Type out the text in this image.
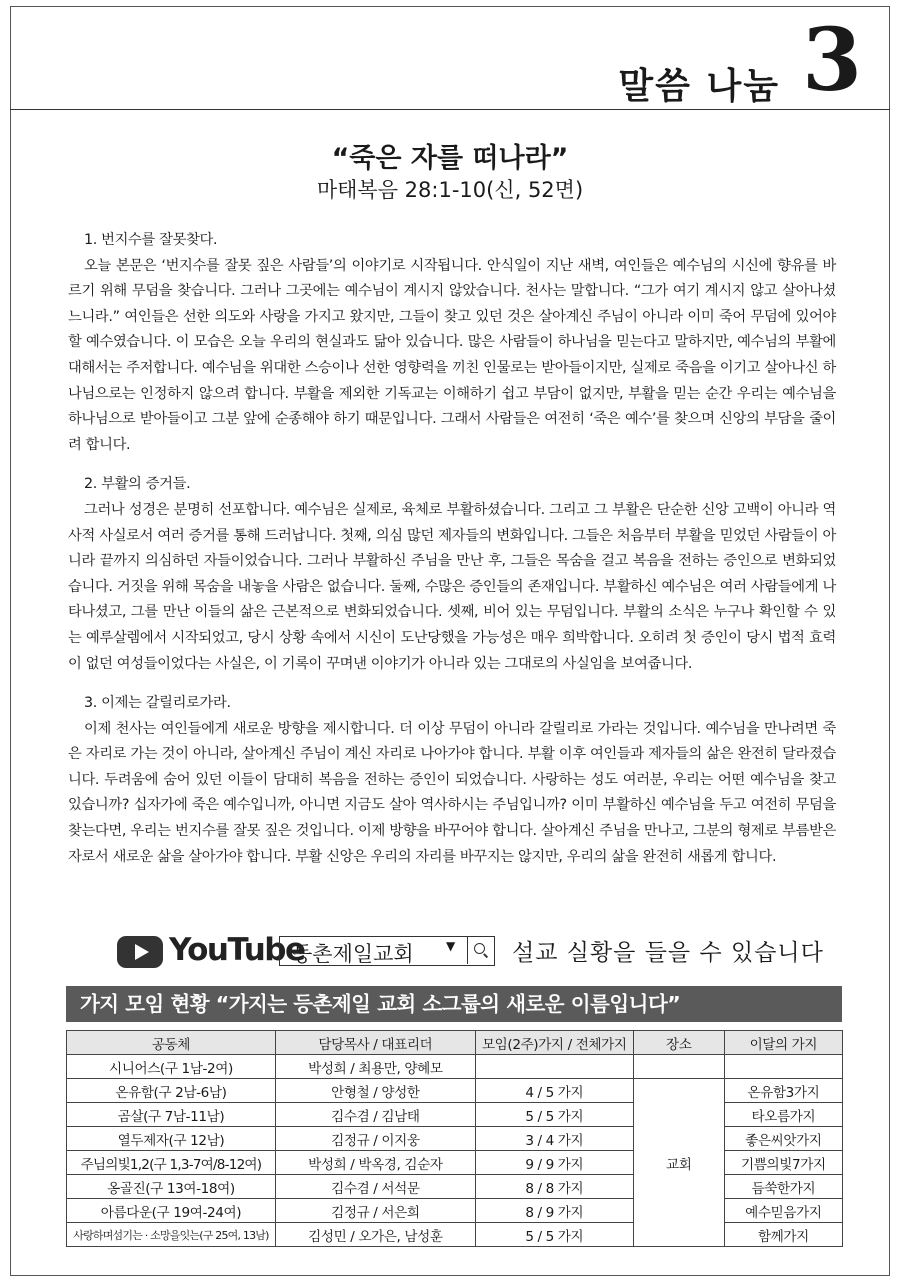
말씀 나눔 3
“죽은 자를 떠나라”
마태복음 28:1-10(신, 52면)

1. 번지수를 잘못찾다.

오늘 본문은 ‘번지수를 잘못 짚은 사람들’의 이야기로 시작됩니다. 안식일이 지난 새벽, 여인들은 예수님의 시신에 향유를 바르기 위해 무덤을 찾습니다. 그러나 그곳에는 예수님이 계시지 않았습니다. 천사는 말합니다. “그가 여기 계시지 않고 살아나셨느니라.” 여인들은 선한 의도와 사랑을 가지고 왔지만, 그들이 찾고 있던 것은 살아계신 주님이 아니라 이미 죽어 무덤에 있어야 할 예수였습니다. 이 모습은 오늘 우리의 현실과도 닮아 있습니다. 많은 사람들이 하나님을 믿는다고 말하지만, 예수님의 부활에 대해서는 주저합니다. 예수님을 위대한 스승이나 선한 영향력을 끼친 인물로는 받아들이지만, 실제로 죽음을 이기고 살아나신 하나님으로는 인정하지 않으려 합니다. 부활을 제외한 기독교는 이해하기 쉽고 부담이 없지만, 부활을 믿는 순간 우리는 예수님을 하나님으로 받아들이고 그분 앞에 순종해야 하기 때문입니다. 그래서 사람들은 여전히 ‘죽은 예수’를 찾으며 신앙의 부담을 줄이려 합니다.

2. 부활의 증거들.

그러나 성경은 분명히 선포합니다. 예수님은 실제로, 육체로 부활하셨습니다. 그리고 그 부활은 단순한 신앙 고백이 아니라 역사적 사실로서 여러 증거를 통해 드러납니다. 첫째, 의심 많던 제자들의 변화입니다. 그들은 처음부터 부활을 믿었던 사람들이 아니라 끝까지 의심하던 자들이었습니다. 그러나 부활하신 주님을 만난 후, 그들은 목숨을 걸고 복음을 전하는 증인으로 변화되었습니다. 거짓을 위해 목숨을 내놓을 사람은 없습니다. 둘째, 수많은 증인들의 존재입니다. 부활하신 예수님은 여러 사람들에게 나타나셨고, 그를 만난 이들의 삶은 근본적으로 변화되었습니다. 셋째, 비어 있는 무덤입니다. 부활의 소식은 누구나 확인할 수 있는 예루살렘에서 시작되었고, 당시 상황 속에서 시신이 도난당했을 가능성은 매우 희박합니다. 오히려 첫 증인이 당시 법적 효력이 없던 여성들이었다는 사실은, 이 기록이 꾸며낸 이야기가 아니라 있는 그대로의 사실임을 보여줍니다.

3. 이제는 갈릴리로가라.

이제 천사는 여인들에게 새로운 방향을 제시합니다. 더 이상 무덤이 아니라 갈릴리로 가라는 것입니다. 예수님을 만나려면 죽은 자리로 가는 것이 아니라, 살아계신 주님이 계신 자리로 나아가야 합니다. 부활 이후 여인들과 제자들의 삶은 완전히 달라졌습니다. 두려움에 숨어 있던 이들이 담대히 복음을 전하는 증인이 되었습니다. 사랑하는 성도 여러분, 우리는 어떤 예수님을 찾고 있습니까? 십자가에 죽은 예수입니까, 아니면 지금도 살아 역사하시는 주님입니까? 이미 부활하신 예수님을 두고 여전히 무덤을 찾는다면, 우리는 번지수를 잘못 짚은 것입니다. 이제 방향을 바꾸어야 합니다. 살아계신 주님을 만나고, 그분의 형제로 부름받은 자로서 새로운 삶을 살아가야 합니다. 부활 신앙은 우리의 자리를 바꾸지는 않지만, 우리의 삶을 완전히 새롭게 합니다.

YouTube
등촌제일교회	▼ 설교 실황을 들을 수 있습니다
가지 모임 현황 “가지는 등촌제일 교회 소그룹의 새로운 이름입니다”
공동체	담당목사 / 대표리더	모임(2주)가지 / 전체가지	장소	이달의 가지
시니어스(구 1남-2여)	박성희 / 최용만, 양혜모			
온유함(구 2남-6남)	안형철 / 양성한	4 / 5 가지	교회	온유함3가지
곰살(구 7남-11남)	김수겸 / 김남태	5 / 5 가지		타오름가지
열두제자(구 12남)	김정규 / 이지웅	3 / 4 가지		좋은씨앗가지
주님의빛1,2(구 1,3-7여/8-12여)	박성희 / 박옥경, 김순자	9 / 9 가지		기쁨의빛7가지
옹골진(구 13여-18여)	김수겸 / 서석문	8 / 8 가지		듬쑥한가지
아름다운(구 19여-24여)	김정규 / 서은희	8 / 9 가지		예수믿음가지
사랑하며섬기는 · 소망을잇는(구 25여, 13남)	김성민 / 오가은, 남성훈	5 / 5 가지		함께가지
